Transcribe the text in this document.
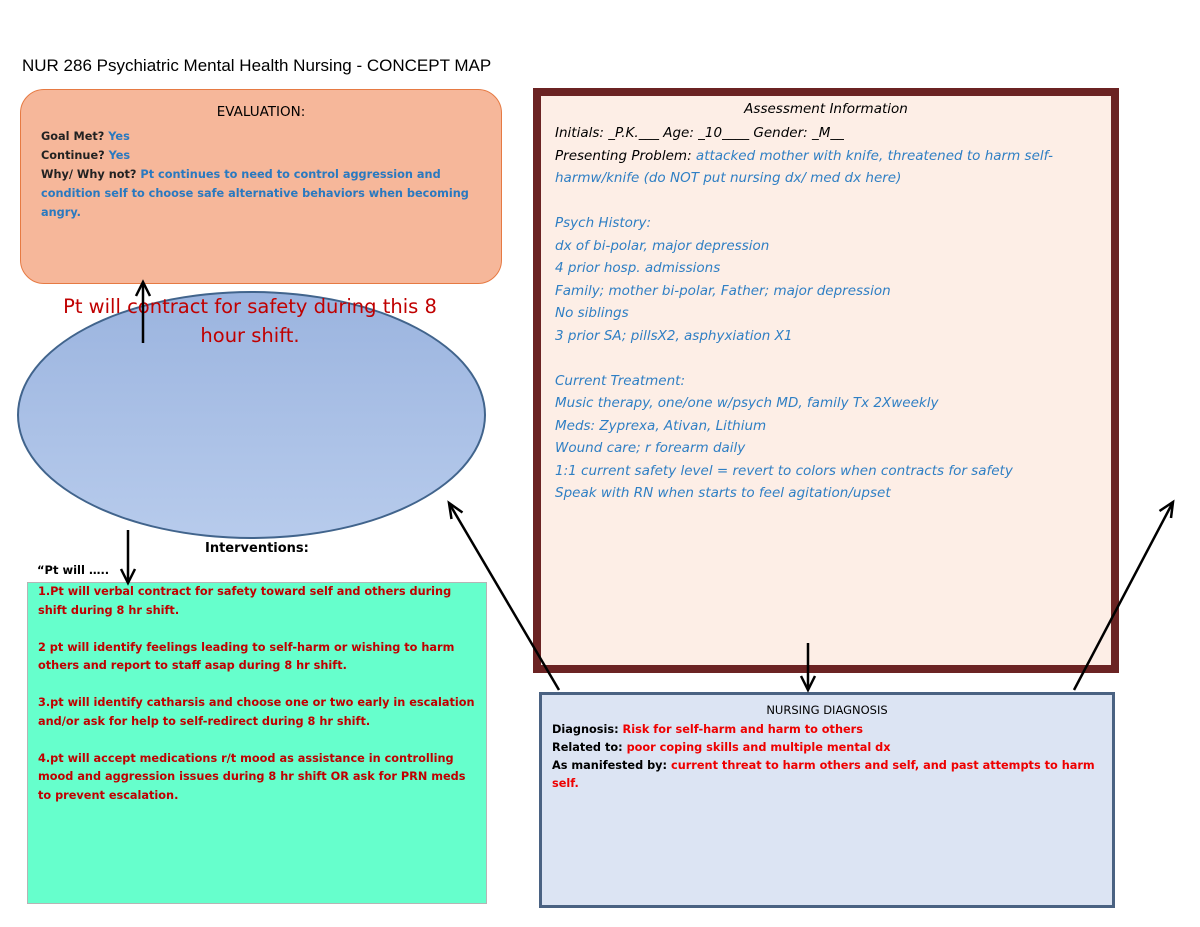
NUR 286 Psychiatric Mental Health Nursing - CONCEPT MAP
EVALUATION:
Goal Met? Yes
Continue? Yes
Why/ Why not? Pt continues to need to control aggression and condition self to choose safe alternative behaviors when becoming angry.
Pt will contract for safety during this 8 hour shift.
Assessment Information
Initials: _P.K.___ Age: _10____ Gender: _M__
Presenting Problem: attacked mother with knife, threatened to harm self-harmw/knife (do NOT put nursing dx/ med dx here)
Psych History:
dx of bi-polar, major depression
4 prior hosp. admissions
Family; mother bi-polar, Father; major depression
No siblings
3 prior SA; pillsX2, asphyxiation X1
Current Treatment:
Music therapy, one/one w/psych MD, family Tx 2Xweekly
Meds: Zyprexa, Ativan, Lithium
Wound care; r forearm daily
1:1 current safety level = revert to colors when contracts for safety
Speak with RN when starts to feel agitation/upset
Interventions:
“Pt will …..

1.Pt will verbal contract for safety toward self and others during shift during 8 hr shift.

2 pt will identify feelings leading to self-harm or wishing to harm others and report to staff asap during 8 hr shift.

3.pt will identify catharsis and choose one or two early in escalation and/or ask for help to self-redirect during 8 hr shift.

4.pt will accept medications r/t mood as assistance in controlling mood and aggression issues during 8 hr shift OR ask for PRN meds to prevent escalation.

NURSING DIAGNOSIS
Diagnosis: Risk for self-harm and harm to others
Related to: poor coping skills and multiple mental dx
As manifested by: current threat to harm others and self, and past attempts to harm self.
